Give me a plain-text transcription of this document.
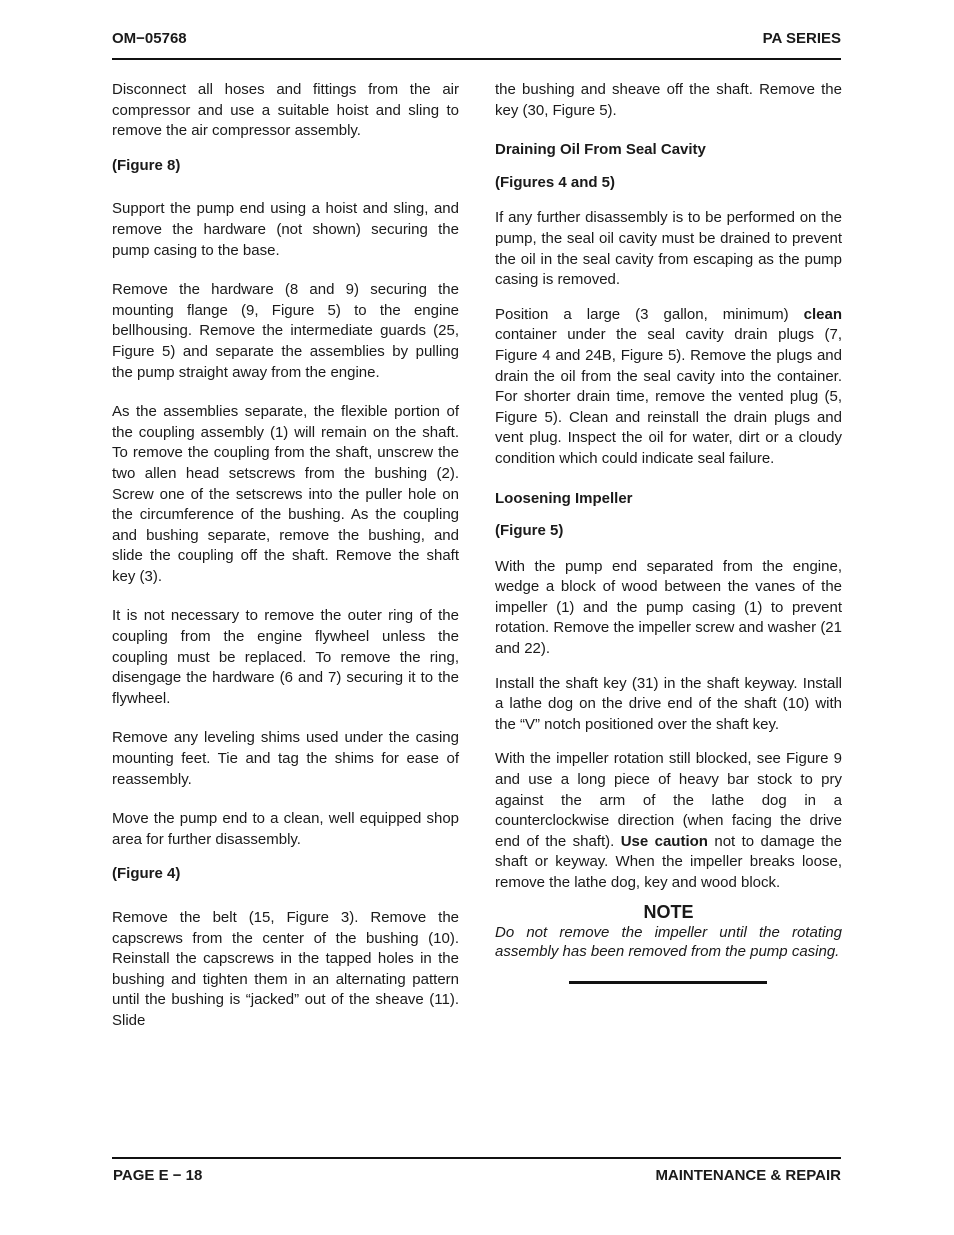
OM−05768	PA SERIES

Disconnect all hoses and fittings from the air compressor and use a suitable hoist and sling to remove the air compressor assembly.

(Figure 8)

Support the pump end using a hoist and sling, and remove the hardware (not shown) securing the pump casing to the base.

Remove the hardware (8 and 9) securing the mounting flange (9, Figure 5) to the engine bellhousing. Remove the intermediate guards (25, Figure 5) and separate the assemblies by pulling the pump straight away from the engine.

As the assemblies separate, the flexible portion of the coupling assembly (1) will remain on the shaft. To remove the coupling from the shaft, unscrew the two allen head setscrews from the bushing (2). Screw one of the setscrews into the puller hole on the circumference of the bushing. As the coupling and bushing separate, remove the bushing, and slide the coupling off the shaft. Remove the shaft key (3).

It is not necessary to remove the outer ring of the coupling from the engine flywheel unless the coupling must be replaced. To remove the ring, disengage the hardware (6 and 7) securing it to the flywheel.

Remove any leveling shims used under the casing mounting feet. Tie and tag the shims for ease of reassembly.

Move the pump end to a clean, well equipped shop area for further disassembly.

(Figure 4)

Remove the belt (15, Figure 3). Remove the capscrews from the center of the bushing (10). Reinstall the capscrews in the tapped holes in the bushing and tighten them in an alternating pattern until the bushing is “jacked” out of the sheave (11). Slide

the bushing and sheave off the shaft. Remove the key (30, Figure 5).

Draining Oil From Seal Cavity

(Figures 4 and 5)

If any further disassembly is to be performed on the pump, the seal oil cavity must be drained to prevent the oil in the seal cavity from escaping as the pump casing is removed.

Position a large (3 gallon, minimum) clean container under the seal cavity drain plugs (7, Figure 4 and 24B, Figure 5). Remove the plugs and drain the oil from the seal cavity into the container. For shorter drain time, remove the vented plug (5, Figure 5). Clean and reinstall the drain plugs and vent plug. Inspect the oil for water, dirt or a cloudy condition which could indicate seal failure.

Loosening Impeller

(Figure 5)

With the pump end separated from the engine, wedge a block of wood between the vanes of the impeller (1) and the pump casing (1) to prevent rotation. Remove the impeller screw and washer (21 and 22).

Install the shaft key (31) in the shaft keyway. Install a lathe dog on the drive end of the shaft (10) with the “V” notch positioned over the shaft key.

With the impeller rotation still blocked, see Figure 9 and use a long piece of heavy bar stock to pry against the arm of the lathe dog in a counterclockwise direction (when facing the drive end of the shaft). Use caution not to damage the shaft or keyway. When the impeller breaks loose, remove the lathe dog, key and wood block.

NOTE

Do not remove the impeller until the rotating assembly has been removed from the pump casing.

PAGE E − 18	MAINTENANCE & REPAIR
